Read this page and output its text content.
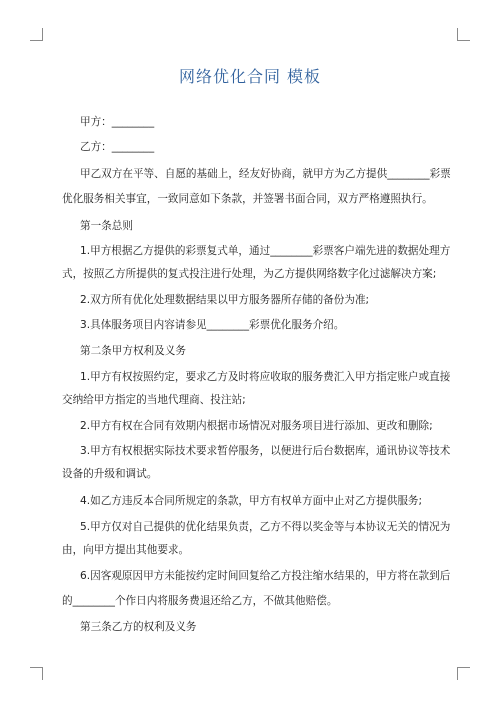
网络优化合同 模板
甲方：________
乙方：________
甲乙双方在平等、自愿的基础上，经友好协商，就甲方为乙方提供________彩票
优化服务相关事宜，一致同意如下条款，并签署书面合同，双方严格遵照执行。
第一条总则
1.甲方根据乙方提供的彩票复式单，通过________彩票客户端先进的数据处理方
式，按照乙方所提供的复式投注进行处理，为乙方提供网络数字化过滤解决方案;
2.双方所有优化处理数据结果以甲方服务器所存储的备份为准;
3.具体服务项目内容请参见________彩票优化服务介绍。
第二条甲方权利及义务
1.甲方有权按照约定，要求乙方及时将应收取的服务费汇入甲方指定账户或直接
交纳给甲方指定的当地代理商、投注站;
2.甲方有权在合同有效期内根据市场情况对服务项目进行添加、更改和删除;
3.甲方有权根据实际技术要求暂停服务，以便进行后台数据库，通讯协议等技术
设备的升级和调试。
4.如乙方违反本合同所规定的条款，甲方有权单方面中止对乙方提供服务;
5.甲方仅对自己提供的优化结果负责，乙方不得以奖金等与本协议无关的情况为
由，向甲方提出其他要求。
6.因客观原因甲方未能按约定时间回复给乙方投注缩水结果的，甲方将在款到后
的________个作日内将服务费退还给乙方，不做其他赔偿。
第三条乙方的权利及义务
